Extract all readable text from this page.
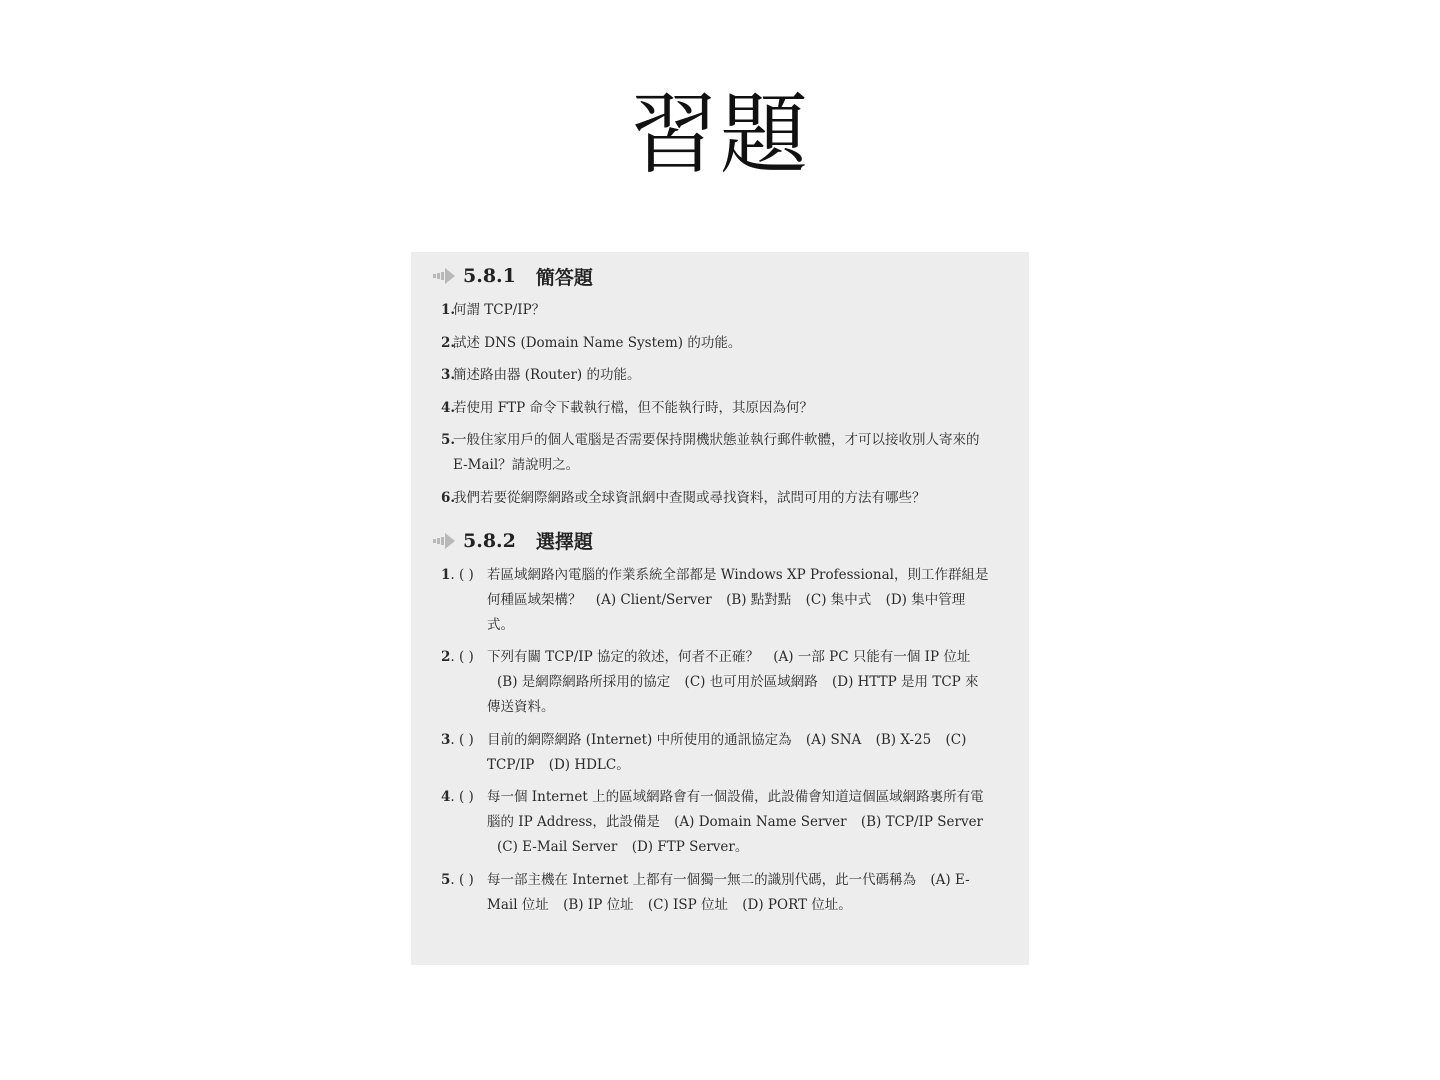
習題
5.8.1 簡答題
1 . 何謂 TCP/IP？
2 . 試述 DNS (Domain Name System) 的功能。
3 . 簡述路由器 (Router) 的功能。
4 . 若使用 FTP 命令下載執行檔，但不能執行時，其原因為何？
5 . 一般住家用戶的個人電腦是否需要保持開機狀態並執行郵件軟體，才可以接收別人寄來的 E-Mail？請說明之。
6 . 我們若要從網際網路或全球資訊網中查閱或尋找資料，試問可用的方法有哪些？
5.8.2 選擇題
1 . ( )	若區域網路內電腦的作業系統全部都是 Windows XP Professional，則工作群組是何種區域架構？ (A) Client/Server (B) 點對點 (C) 集中式 (D) 集中管理式。
2 . ( )	下列有關 TCP/IP 協定的敘述，何者不正確？ (A) 一部 PC 只能有一個 IP 位址 (B) 是網際網路所採用的協定 (C) 也可用於區域網路 (D) HTTP 是用 TCP 來傳送資料。
3 . ( )	目前的網際網路 (Internet) 中所使用的通訊協定為 (A) SNA (B) X-25 (C) TCP/IP (D) HDLC。
4 . ( )	每一個 Internet 上的區域網路會有一個設備，此設備會知道這個區域網路裏所有電腦的 IP Address，此設備是 (A) Domain Name Server (B) TCP/IP Server (C) E-Mail Server (D) FTP Server。
5 . ( )	每一部主機在 Internet 上都有一個獨一無二的識別代碼，此一代碼稱為 (A) E-Mail 位址 (B) IP 位址 (C) ISP 位址 (D) PORT 位址。
